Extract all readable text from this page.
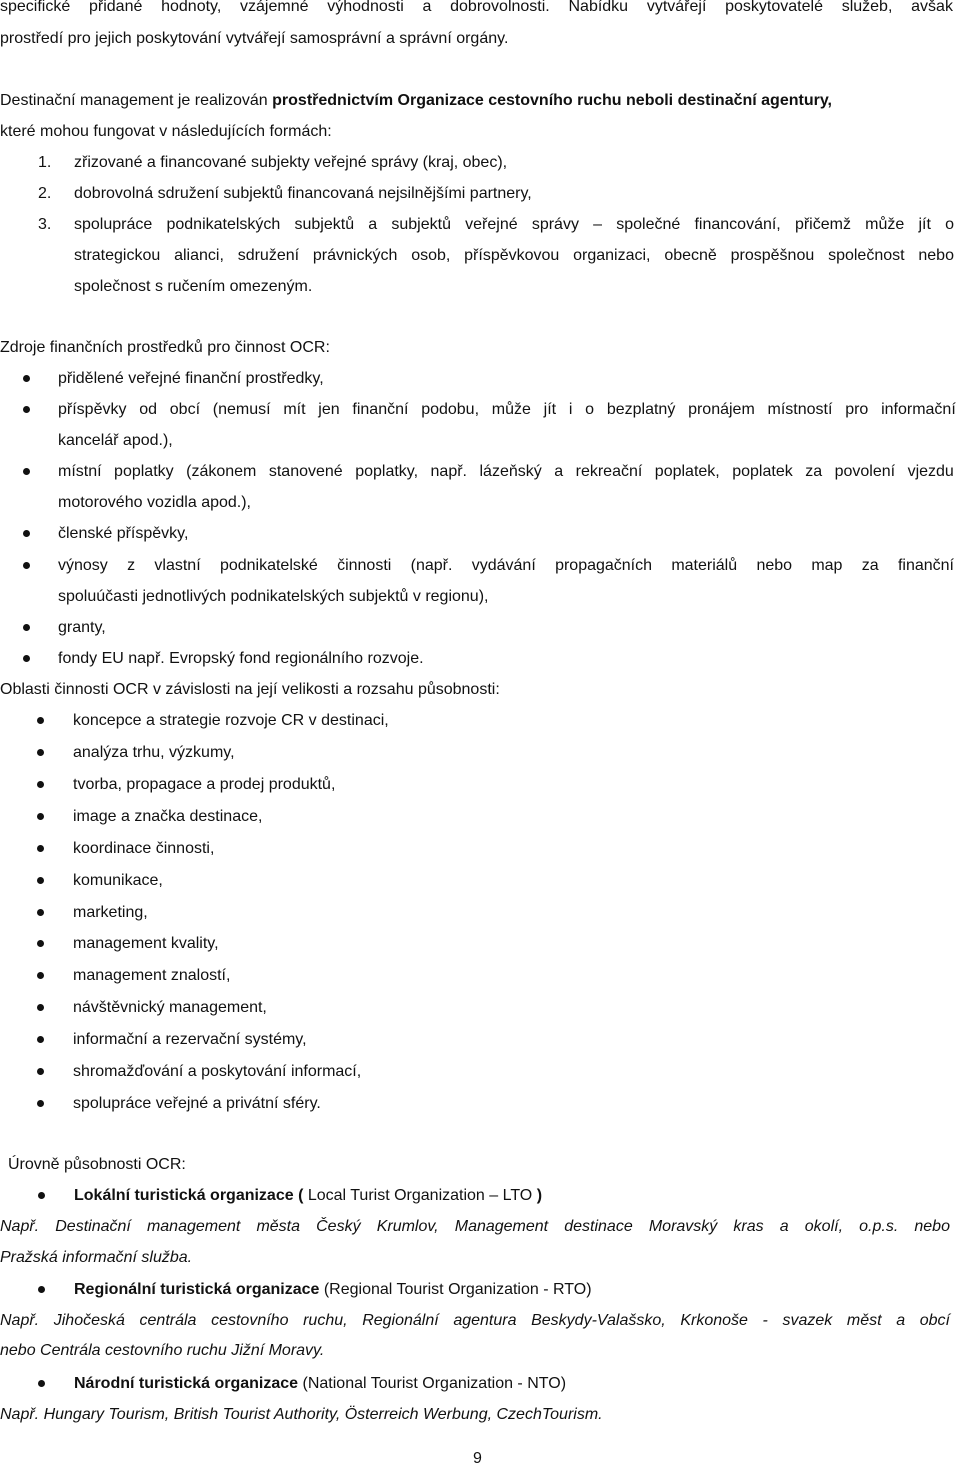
specifické přidané hodnoty, vzájemné výhodnosti a dobrovolnosti. Nabídku vytvářejí poskytovatelé služeb, avšak
prostředí pro jejich poskytování vytvářejí samosprávní a správní orgány.
Destinační management je realizován prostřednictvím Organizace cestovního ruchu neboli destinační agentury,
které mohou fungovat v následujících formách:
1. zřizované a financované subjekty veřejné správy (kraj, obec),
2. dobrovolná sdružení subjektů financovaná nejsilnějšími partnery,
3. spolupráce podnikatelských subjektů a subjektů veřejné správy – společné financování, přičemž může jít o
strategickou alianci, sdružení právnických osob, příspěvkovou organizaci, obecně prospěšnou společnost nebo
společnost s ručením omezeným.
Zdroje finančních prostředků pro činnost OCR:
přidělené veřejné finanční prostředky,
příspěvky od obcí (nemusí mít jen finanční podobu, může jít i o bezplatný pronájem místností pro informační
kancelář apod.),
místní poplatky (zákonem stanovené poplatky, např. lázeňský a rekreační poplatek, poplatek za povolení vjezdu
motorového vozidla apod.),
členské příspěvky,
výnosy z vlastní podnikatelské činnosti (např. vydávání propagačních materiálů nebo map za finanční
spoluúčasti jednotlivých podnikatelských subjektů v regionu),
granty,
fondy EU např. Evropský fond regionálního rozvoje.
Oblasti činnosti OCR v závislosti na její velikosti a rozsahu působnosti:
koncepce a strategie rozvoje CR v destinaci,
analýza trhu, výzkumy,
tvorba, propagace a prodej produktů,
image a značka destinace,
koordinace činnosti,
komunikace,
marketing,
management kvality,
management znalostí,
návštěvnický management,
informační a rezervační systémy,
shromažďování a poskytování informací,
spolupráce veřejné a privátní sféry.
Úrovně působnosti OCR:
Lokální turistická organizace ( Local Turist Organization – LTO )
Např. Destinační management města Český Krumlov, Management destinace Moravský kras a okolí, o.p.s. nebo
Pražská informační služba.
Regionální turistická organizace (Regional Tourist Organization - RTO)
Např. Jihočeská centrála cestovního ruchu, Regionální agentura Beskydy-Valašsko, Krkonoše - svazek měst a obcí
nebo Centrála cestovního ruchu Jižní Moravy.
Národní turistická organizace (National Tourist Organization - NTO)
Např. Hungary Tourism, British Tourist Authority, Österreich Werbung, CzechTourism.
9
